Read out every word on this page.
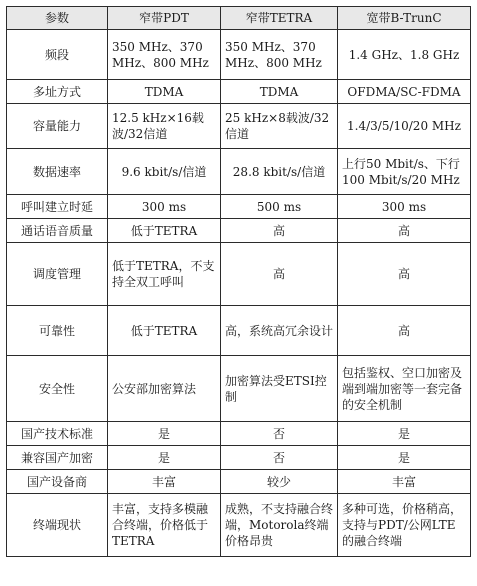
参数	窄带PDT	窄带TETRA	宽带B-TrunC
频段	350 MHz、370 MHz、800 MHz	350 MHz、370 MHz、800 MHz	1.4 GHz、1.8 GHz
多址方式	TDMA	TDMA	OFDMA/SC-FDMA
容量能力	12.5 kHz×16载波/32信道	25 kHz×8载波/32信道	1.4/3/5/10/20 MHz
数据速率	9.6 kbit/s/信道	28.8 kbit/s/信道	上行50 Mbit/s、下行100 Mbit/s/20 MHz
呼叫建立时延	300 ms	500 ms	300 ms
通话语音质量	低于TETRA	高	高
调度管理	低于TETRA，不支持全双工呼叫	高	高
可靠性	低于TETRA	高，系统高冗余设计	高
安全性	公安部加密算法	加密算法受ETSI控制	包括鉴权、空口加密及端到端加密等一套完备的安全机制
国产技术标准	是	否	是
兼容国产加密	是	否	是
国产设备商	丰富	较少	丰富
终端现状	丰富，支持多模融合终端，价格低于TETRA	成熟，不支持融合终端，Motorola终端价格昂贵	多种可选，价格稍高，支持与PDT/公网LTE的融合终端
